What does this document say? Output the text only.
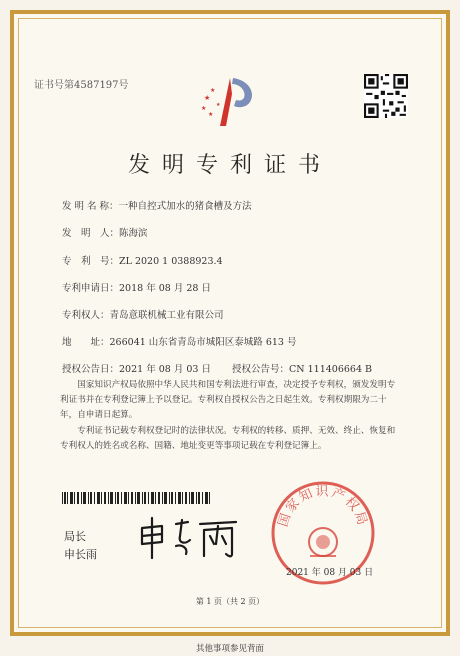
证书号第4587197号
★
★
★
★
★
发明专利证书
发 明 名 称：一种自控式加水的猪食槽及方法
发　明　人：陈海滨
专　利　号：ZL 2020 1 0388923.4
专利申请日：2018 年 08 月 28 日
专利权人：青岛意联机械工业有限公司
地　　址：266041 山东省青岛市城阳区泰城路 613 号
授权公告日：2021 年 08 月 03 日 授权公告号：CN 111406664 B
国家知识产权局依照中华人民共和国专利法进行审查，决定授予专利权，颁发发明专利证书并在专利登记簿上予以登记。专利权自授权公告之日起生效。专利权期限为二十年，自申请日起算。
专利证书记载专利权登记时的法律状况。专利权的转移、质押、无效、终止、恢复和专利权人的姓名或名称、国籍、地址变更等事项记载在专利登记簿上。
局长
申长雨
国家知识产权局
2021 年 08 月 03 日
第 1 页（共 2 页）
其他事项参见背面
